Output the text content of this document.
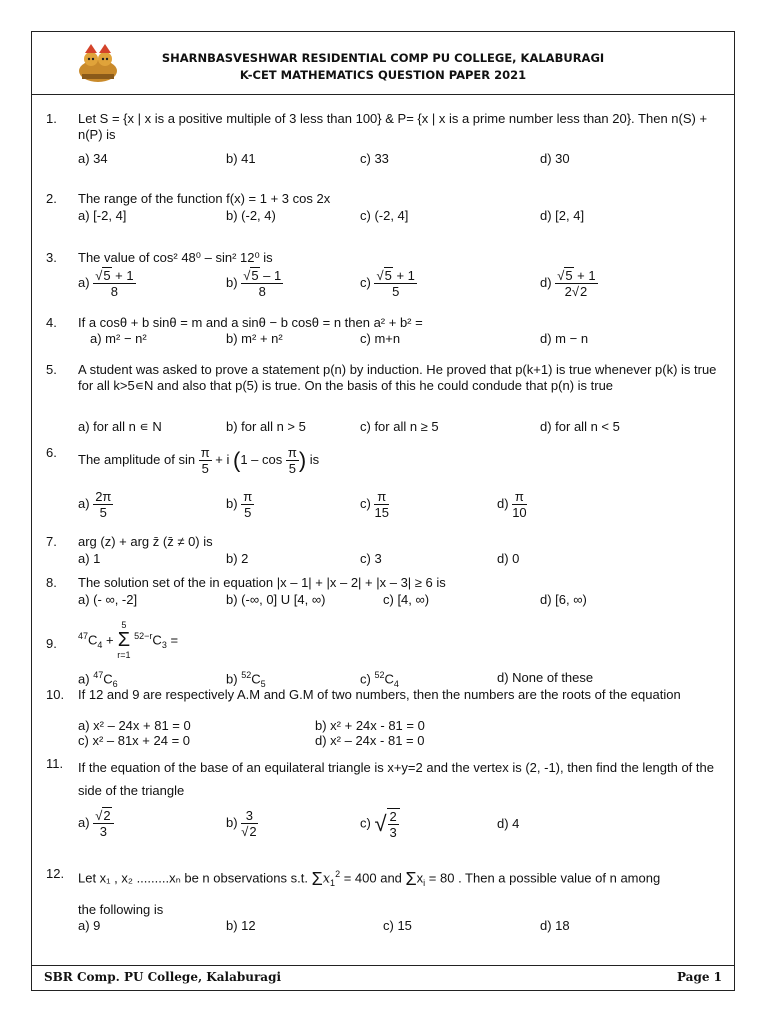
SHARNBASVESHWAR RESIDENTIAL COMP PU COLLEGE, KALABURAGI
K-CET MATHEMATICS QUESTION PAPER 2021
1. Let S = {x | x is a positive multiple of 3 less than 100} & P= {x | x is a prime number less than 20}. Then n(S) + n(P) is
a) 34	b) 41	c) 33	d) 30
2. The range of the function f(x) = 1 + 3 cos 2x
a) [-2, 4]	b) (-2, 4)	c) (-2, 4]	d) [2, 4]
3. The value of cos² 48⁰ – sin² 12⁰ is
$a) \frac{√5 + 1}{8}$	$b) \frac{√5 - 1}{8}$	$c) \frac{√5 + 1}{5}$	$d) \frac{√5 + 1}{2√2}$
4. If a cosθ + b sinθ = m and a sinθ − b cosθ = n then a² + b² =
a) m² − n²	b) m² + n²	c) m+n	d) m − n
5. A student was asked to prove a statement p(n) by induction. He proved that p(k+1) is true whenever p(k) is true for all k>5∊N and also that p(5) is true. On the basis of this he could condude that p(n) is true
a) for all n ∊ N	b) for all n > 5	c) for all n ≥ 5	d) for all n < 5
6. The amplitude of $\sin \frac{\pi}{5} + i$ ($1 - \cos \frac{\pi}{5}$ ) is
$a) \frac{2\pi}{5}$	$b) \frac{\pi}{5}$	$c) \frac{\pi}{15}$	$d) \frac{\pi}{10}$
7. arg (z) + arg z̄ (z̄ ≠ 0) is
a) 1	b) 2	c) 3	d) 0
8. The solution set of the in equation |x – 1| + |x – 2| + |x – 3| ≥ 6 is
a) (- ∞, -2]	b) (-∞, 0] U [4, ∞)	c) [4, ∞)	d) [6, ∞)
9.
$^{47}C_4$ +
5
Σ
r=1
$^{52-r}C_3$ =
a) $^{47}C_6$	b) $^{52}C_5$	c) $^{52}C_4$	d) None of these
10. If 12 and 9 are respectively A.M and G.M of two numbers, then the numbers are the roots of the equation
a) x² – 24x + 81 = 0	b) x² + 24x - 81 = 0
c) x² – 81x + 24 = 0	d) x² – 24x - 81 = 0
11. If the equation of the base of an equilateral triangle is x+y=2 and the vertex is (2, -1), then find the length of the side of the triangle
$a) \frac{√2}{3}$	$b) \frac{3}{√2}$	c) √ $\frac{2}{3}$	d) 4
12. Let x₁ , x₂ .........xₙ be n observations s.t. $\Sigma x_1^2 = 400$ and $\Sigma x_i = 80$ . Then a possible value of n among
the following is
a) 9	b) 12	c) 15	d) 18
SBR Comp. PU College, Kalaburagi	Page 1
